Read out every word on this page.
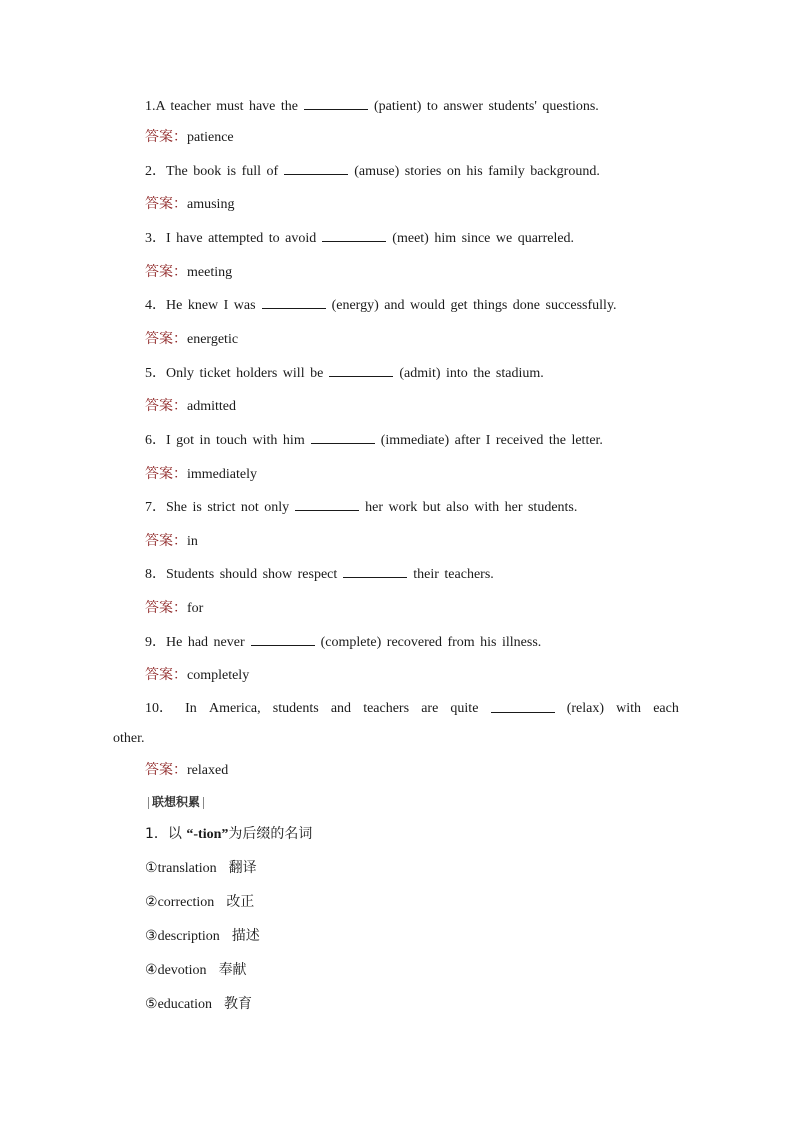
1.A teacher must have the	(patient) to answer students' questions.
答案：patience
2．The book is full of	(amuse) stories on his family background.
答案：amusing
3．I have attempted to avoid	(meet) him since we quarreled.
答案：meeting
4．He knew I was	(energy) and would get things done successfully.
答案：energetic
5．Only ticket holders will be	(admit) into the stadium.
答案：admitted
6．I got in touch with him	(immediate) after I received the letter.
答案：immediately
7．She is strict not only	her work but also with her students.
答案：in
8．Students should show respect	their teachers.
答案：for
9．He had never	(complete) recovered from his illness.
答案：completely
10． In America, students and teachers are quite	(relax) with each
other.
答案：relaxed
联想积累
1．以 “-tion”为后缀的名词
①translation 翻译
②correction 改正
③description 描述
④devotion 奉献
⑤education 教育
